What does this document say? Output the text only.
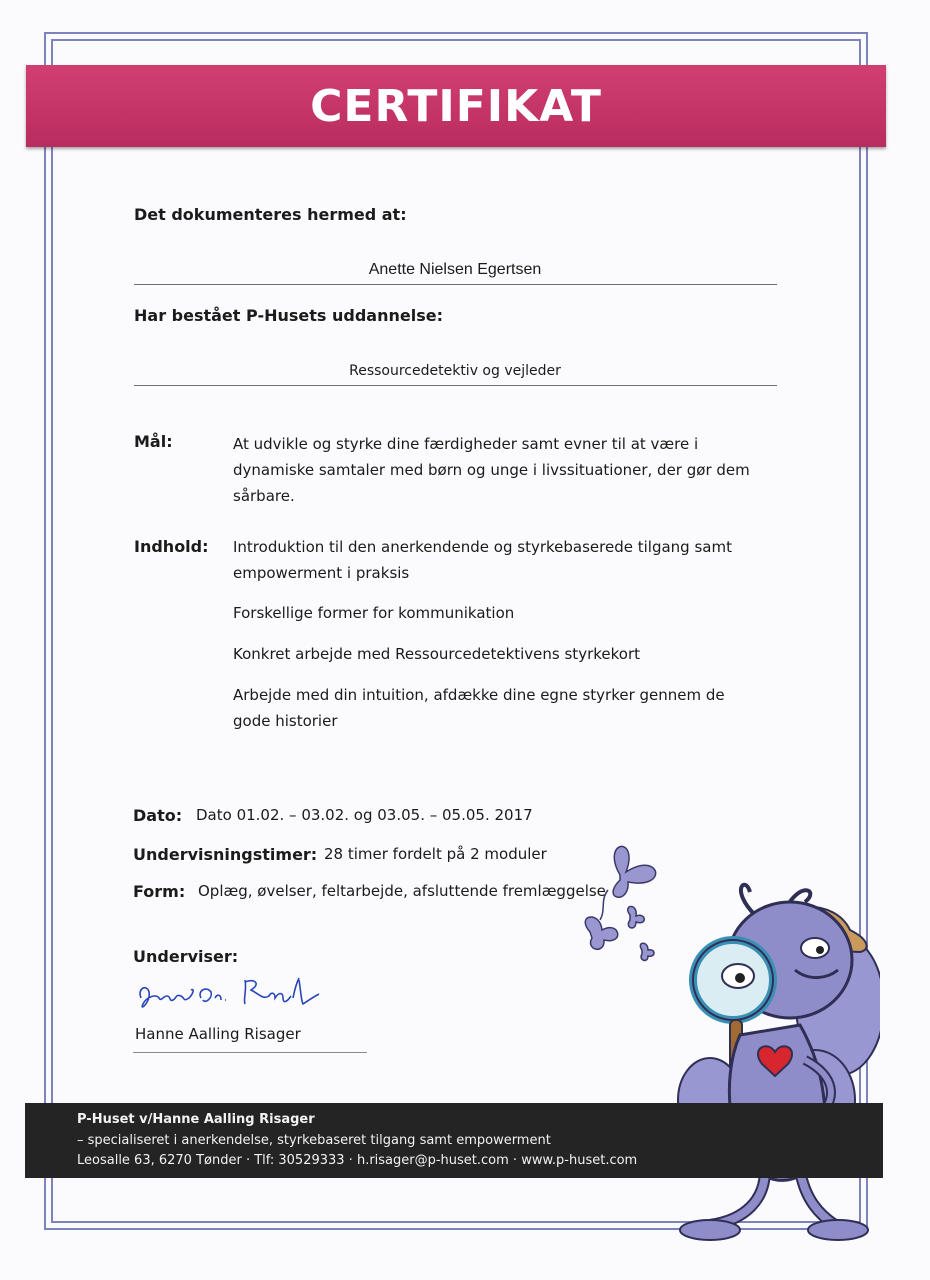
CERTIFIKAT
Det dokumenteres hermed at:
Anette Nielsen Egertsen
Har bestået P-Husets uddannelse:
Ressourcedetektiv og vejleder
Mål:	At udvikle og styrke dine færdigheder samt evner til at være i dynamiske samtaler med børn og unge i livssituationer, der gør dem sårbare.
Indhold: Introduktion til den anerkendende og styrkebaserede tilgang samt empowerment i praksis
Forskellige former for kommunikation
Konkret arbejde med Ressourcedetektivens styrkekort
Arbejde med din intuition, afdække dine egne styrker gennem de gode historier
Dato: Dato 01.02. – 03.02. og 03.05. – 05.05. 2017
Undervisningstimer: 28 timer fordelt på 2 moduler
Form: Oplæg, øvelser, feltarbejde, afsluttende fremlæggelse
Underviser:
Hanne Aalling Risager
P-Huset v/Hanne Aalling Risager
– specialiseret i anerkendelse, styrkebaseret tilgang samt empowerment
Leosalle 63, 6270 Tønder · Tlf: 30529333 · h.risager@p-huset.com · www.p-huset.com
